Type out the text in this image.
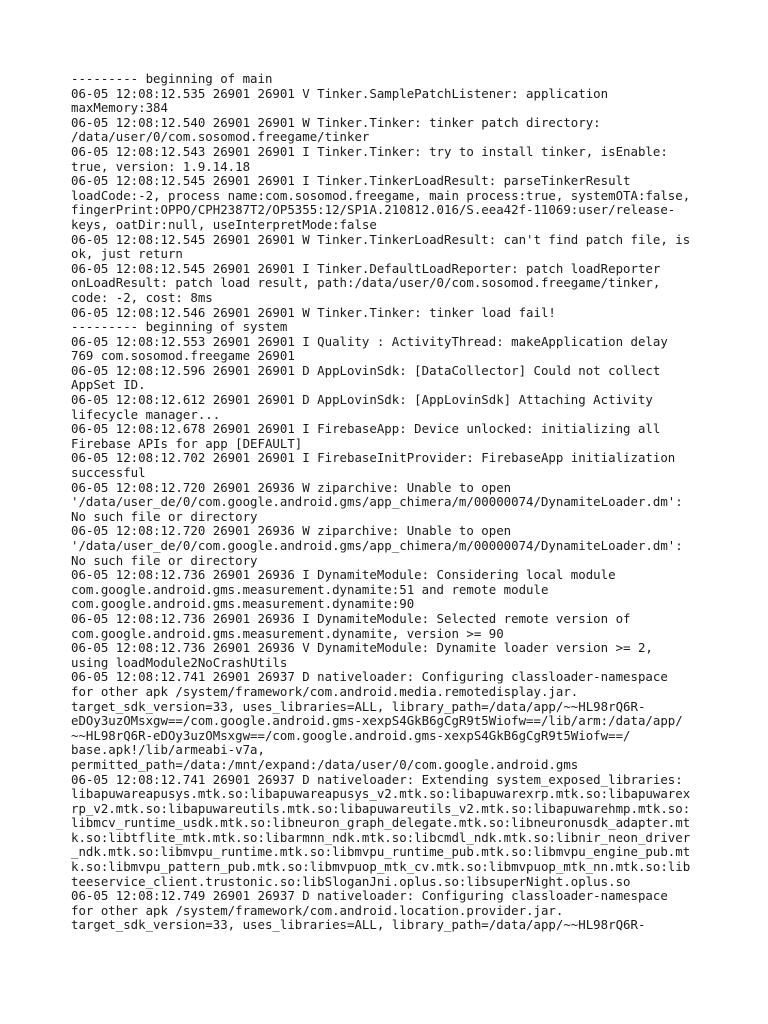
--------- beginning of main
06-05 12:08:12.535 26901 26901 V Tinker.SamplePatchListener: application
maxMemory:384
06-05 12:08:12.540 26901 26901 W Tinker.Tinker: tinker patch directory:
/data/user/0/com.sosomod.freegame/tinker
06-05 12:08:12.543 26901 26901 I Tinker.Tinker: try to install tinker, isEnable:
true, version: 1.9.14.18
06-05 12:08:12.545 26901 26901 I Tinker.TinkerLoadResult: parseTinkerResult
loadCode:-2, process name:com.sosomod.freegame, main process:true, systemOTA:false,
fingerPrint:OPPO/CPH2387T2/OP5355:12/SP1A.210812.016/S.eea42f-11069:user/release-
keys, oatDir:null, useInterpretMode:false
06-05 12:08:12.545 26901 26901 W Tinker.TinkerLoadResult: can't find patch file, is
ok, just return
06-05 12:08:12.545 26901 26901 I Tinker.DefaultLoadReporter: patch loadReporter
onLoadResult: patch load result, path:/data/user/0/com.sosomod.freegame/tinker,
code: -2, cost: 8ms
06-05 12:08:12.546 26901 26901 W Tinker.Tinker: tinker load fail!
--------- beginning of system
06-05 12:08:12.553 26901 26901 I Quality : ActivityThread: makeApplication delay
769 com.sosomod.freegame 26901
06-05 12:08:12.596 26901 26901 D AppLovinSdk: [DataCollector] Could not collect
AppSet ID.
06-05 12:08:12.612 26901 26901 D AppLovinSdk: [AppLovinSdk] Attaching Activity
lifecycle manager...
06-05 12:08:12.678 26901 26901 I FirebaseApp: Device unlocked: initializing all
Firebase APIs for app [DEFAULT]
06-05 12:08:12.702 26901 26901 I FirebaseInitProvider: FirebaseApp initialization
successful
06-05 12:08:12.720 26901 26936 W ziparchive: Unable to open
'/data/user_de/0/com.google.android.gms/app_chimera/m/00000074/DynamiteLoader.dm':
No such file or directory
06-05 12:08:12.720 26901 26936 W ziparchive: Unable to open
'/data/user_de/0/com.google.android.gms/app_chimera/m/00000074/DynamiteLoader.dm':
No such file or directory
06-05 12:08:12.736 26901 26936 I DynamiteModule: Considering local module
com.google.android.gms.measurement.dynamite:51 and remote module
com.google.android.gms.measurement.dynamite:90
06-05 12:08:12.736 26901 26936 I DynamiteModule: Selected remote version of
com.google.android.gms.measurement.dynamite, version >= 90
06-05 12:08:12.736 26901 26936 V DynamiteModule: Dynamite loader version >= 2,
using loadModule2NoCrashUtils
06-05 12:08:12.741 26901 26937 D nativeloader: Configuring classloader-namespace
for other apk /system/framework/com.android.media.remotedisplay.jar.
target_sdk_version=33, uses_libraries=ALL, library_path=/data/app/~~HL98rQ6R-
eDOy3uzOMsxgw==/com.google.android.gms-xexpS4GkB6gCgR9t5Wiofw==/lib/arm:/data/app/
~~HL98rQ6R-eDOy3uzOMsxgw==/com.google.android.gms-xexpS4GkB6gCgR9t5Wiofw==/
base.apk!/lib/armeabi-v7a,
permitted_path=/data:/mnt/expand:/data/user/0/com.google.android.gms
06-05 12:08:12.741 26901 26937 D nativeloader: Extending system_exposed_libraries:
libapuwareapusys.mtk.so:libapuwareapusys_v2.mtk.so:libapuwarexrp.mtk.so:libapuwarex
rp_v2.mtk.so:libapuwareutils.mtk.so:libapuwareutils_v2.mtk.so:libapuwarehmp.mtk.so:
libmcv_runtime_usdk.mtk.so:libneuron_graph_delegate.mtk.so:libneuronusdk_adapter.mt
k.so:libtflite_mtk.mtk.so:libarmnn_ndk.mtk.so:libcmdl_ndk.mtk.so:libnir_neon_driver
_ndk.mtk.so:libmvpu_runtime.mtk.so:libmvpu_runtime_pub.mtk.so:libmvpu_engine_pub.mt
k.so:libmvpu_pattern_pub.mtk.so:libmvpuop_mtk_cv.mtk.so:libmvpuop_mtk_nn.mtk.so:lib
teeservice_client.trustonic.so:libSloganJni.oplus.so:libsuperNight.oplus.so
06-05 12:08:12.749 26901 26937 D nativeloader: Configuring classloader-namespace
for other apk /system/framework/com.android.location.provider.jar.
target_sdk_version=33, uses_libraries=ALL, library_path=/data/app/~~HL98rQ6R-
